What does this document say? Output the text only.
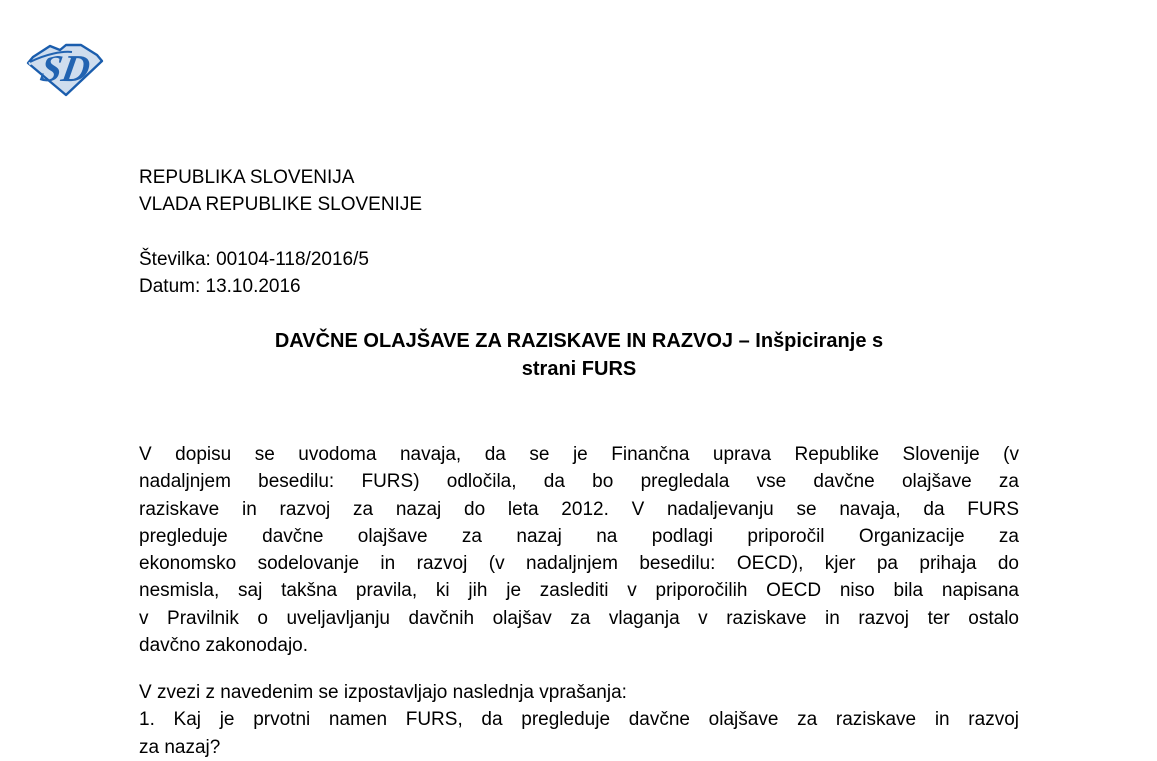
SD
REPUBLIKA SLOVENIJA
VLADA REPUBLIKE SLOVENIJE
Številka: 00104-118/2016/5
Datum: 13.10.2016
DAVČNE OLAJŠAVE ZA RAZISKAVE IN RAZVOJ – Inšpiciranje s
strani FURS
V dopisu se uvodoma navaja, da se je Finančna uprava Republike Slovenije (v
nadaljnjem besedilu: FURS) odločila, da bo pregledala vse davčne olajšave za
raziskave in razvoj za nazaj do leta 2012. V nadaljevanju se navaja, da FURS
pregleduje davčne olajšave za nazaj na podlagi priporočil Organizacije za
ekonomsko sodelovanje in razvoj (v nadaljnjem besedilu: OECD), kjer pa prihaja do
nesmisla, saj takšna pravila, ki jih je zaslediti v priporočilih OECD niso bila napisana
v Pravilnik o uveljavljanju davčnih olajšav za vlaganja v raziskave in razvoj ter ostalo
davčno zakonodajo.
V zvezi z navedenim se izpostavljajo naslednja vprašanja:
1. Kaj je prvotni namen FURS, da pregleduje davčne olajšave za raziskave in razvoj
za nazaj?
